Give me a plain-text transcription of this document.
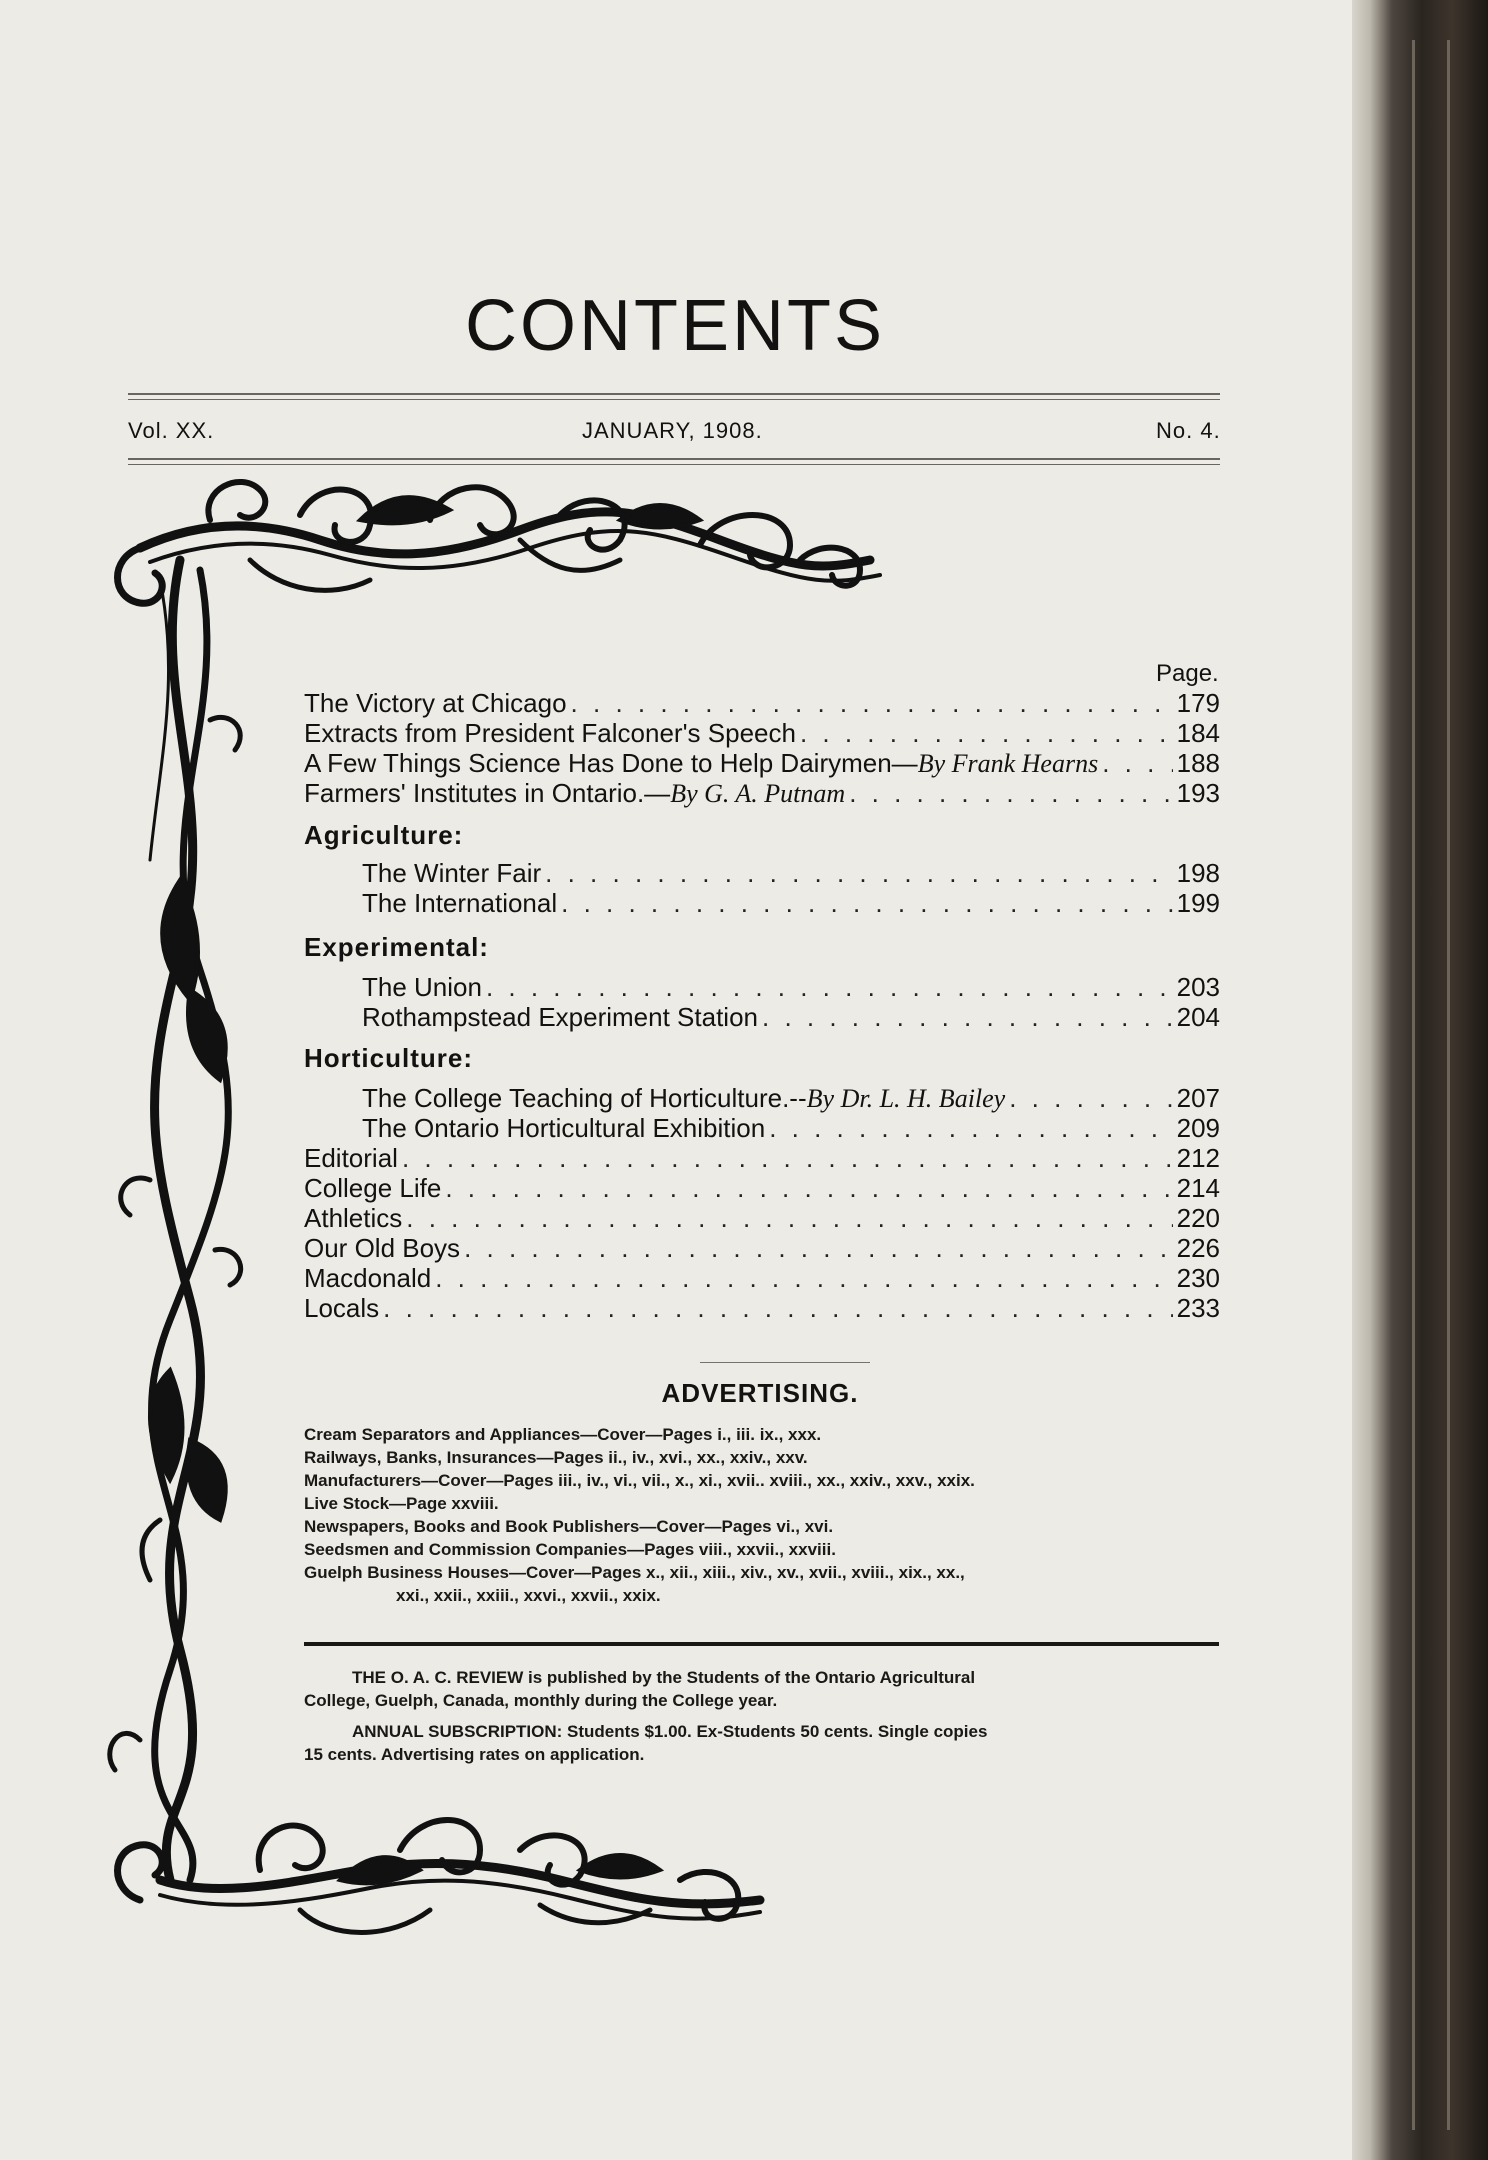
CONTENTS
Vol. XX.	JANUARY, 1908.	No. 4.
Page.
The Victory at Chicago . . .	179
Extracts from President Falconer's Speech . . .	184
A Few Things Science Has Done to Help Dairymen— By Frank Hearns . . .	188
Farmers' Institutes in Ontario.— By G. A. Putnam . . .	193
Agriculture:
The Winter Fair . . .	198
The International . . .	199
Experimental:
The Union . . .	203
Rothampstead Experiment Station . . .	204
Horticulture:
The College Teaching of Horticulture.-- By Dr. L. H. Bailey . . .	207
The Ontario Horticultural Exhibition . . .	209
Editorial . . .	212
College Life . . .	214
Athletics . . .	220
Our Old Boys . . .	226
Macdonald . . .	230
Locals . . .	233
ADVERTISING.
Cream Separators and Appliances—Cover—Pages i., iii. ix., xxx.
Railways, Banks, Insurances—Pages ii., iv., xvi., xx., xxiv., xxv.
Manufacturers—Cover—Pages iii., iv., vi., vii., x., xi., xvii.. xviii., xx., xxiv., xxv., xxix.
Live Stock—Page xxviii.
Newspapers, Books and Book Publishers—Cover—Pages vi., xvi.
Seedsmen and Commission Companies—Pages viii., xxvii., xxviii.
Guelph Business Houses—Cover—Pages x., xii., xiii., xiv., xv., xvii., xviii., xix., xx.,
xxi., xxii., xxiii., xxvi., xxvii., xxix.
THE O. A. C. REVIEW is published by the Students of the Ontario Agricultural
College, Guelph, Canada, monthly during the College year.
ANNUAL SUBSCRIPTION: Students $1.00. Ex-Students 50 cents. Single copies
15 cents. Advertising rates on application.
